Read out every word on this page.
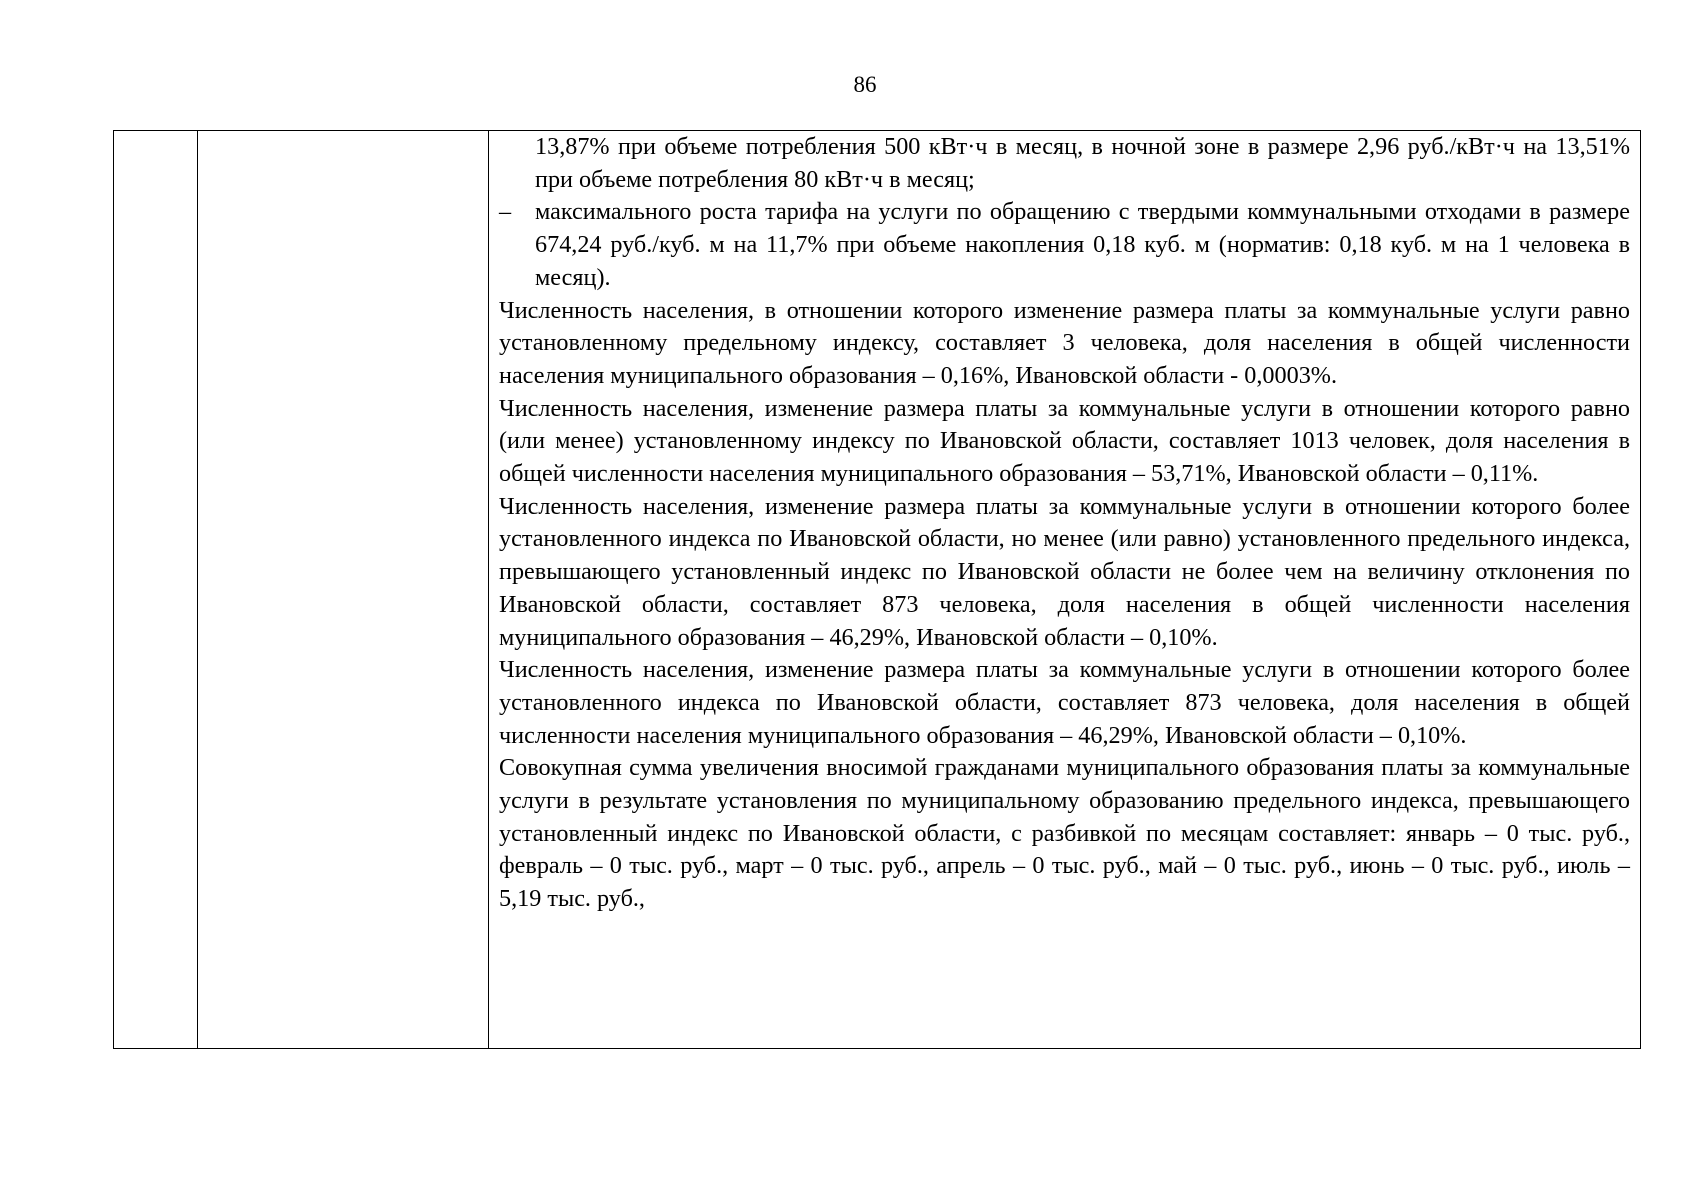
86

13,87% при объеме потребления 500 кВт·ч в месяц, в ночной зоне в размере 2,96 руб./кВт·ч на 13,51% при объеме потребления 80 кВт·ч в месяц;
– максимального роста тарифа на услуги по обращению с твердыми коммунальными отходами в размере 674,24 руб./куб. м на 11,7% при объеме накопления 0,18 куб. м (норматив: 0,18 куб. м на 1 человека в месяц).
Численность населения, в отношении которого изменение размера платы за коммунальные услуги равно установленному предельному индексу, составляет 3 человека, доля населения в общей численности населения муниципального образования – 0,16%, Ивановской области - 0,0003%.
Численность населения, изменение размера платы за коммунальные услуги в отношении которого равно (или менее) установленному индексу по Ивановской области, составляет 1013 человек, доля населения в общей численности населения муниципального образования – 53,71%, Ивановской области – 0,11%.
Численность населения, изменение размера платы за коммунальные услуги в отношении которого более установленного индекса по Ивановской области, но менее (или равно) установленного предельного индекса, превышающего установленный индекс по Ивановской области не более чем на величину отклонения по Ивановской области, составляет 873 человека, доля населения в общей численности населения муниципального образования – 46,29%, Ивановской области – 0,10%.
Численность населения, изменение размера платы за коммунальные услуги в отношении которого более установленного индекса по Ивановской области, составляет 873 человека, доля населения в общей численности населения муниципального образования – 46,29%, Ивановской области – 0,10%.
Совокупная сумма увеличения вносимой гражданами муниципального образования платы за коммунальные услуги в результате установления по муниципальному образованию предельного индекса, превышающего установленный индекс по Ивановской области, с разбивкой по месяцам составляет: январь – 0 тыс. руб., февраль – 0 тыс. руб., март – 0 тыс. руб., апрель – 0 тыс. руб., май – 0 тыс. руб., июнь – 0 тыс. руб., июль – 5,19 тыс. руб.,
